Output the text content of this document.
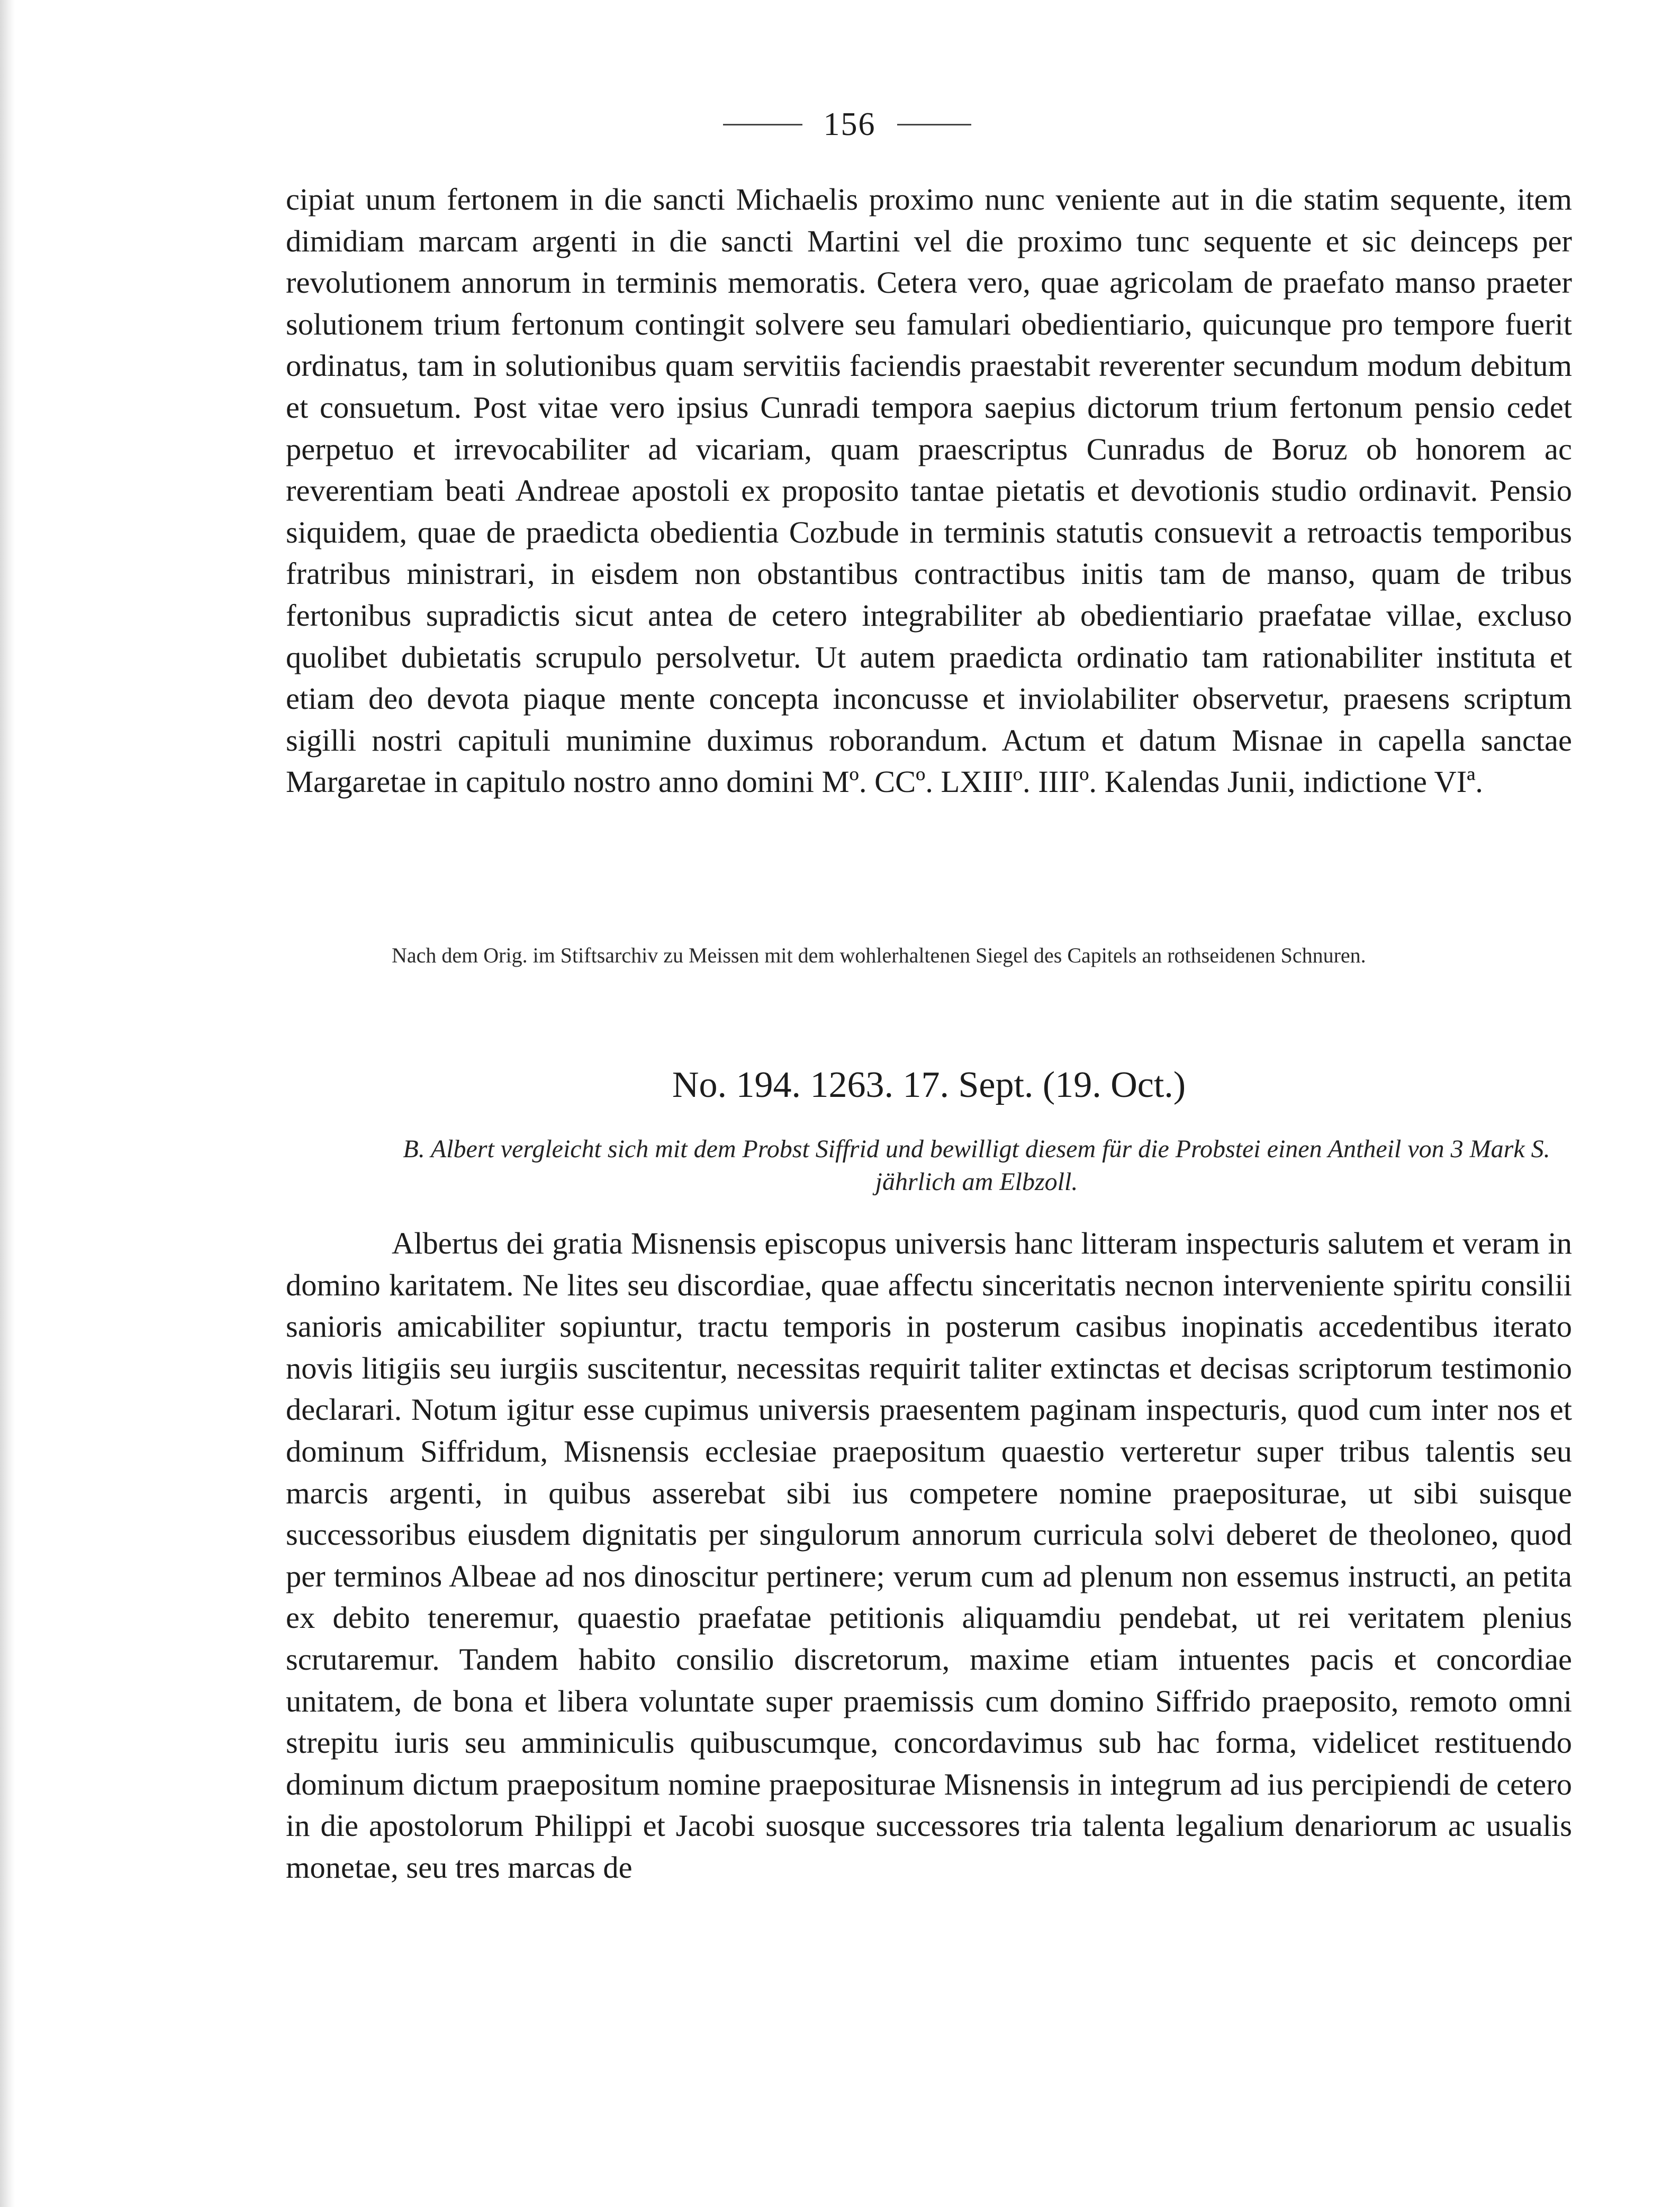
156

cipiat unum fertonem in die sancti Michaelis proximo nunc veniente aut in die statim sequente, item dimidiam marcam argenti in die sancti Martini vel die proximo tunc sequente et sic deinceps per revolutionem annorum in terminis memoratis. Cetera vero, quae agricolam de praefato manso praeter solutionem trium fertonum contingit solvere seu famulari obedientiario, quicunque pro tempore fuerit ordinatus, tam in solutionibus quam servitiis faciendis praestabit reverenter secundum modum debitum et consuetum. Post vitae vero ipsius Cunradi tempora saepius dictorum trium fertonum pensio cedet perpetuo et irrevocabiliter ad vicariam, quam praescriptus Cunradus de Boruz ob honorem ac reverentiam beati Andreae apostoli ex proposito tantae pietatis et devotionis studio ordinavit. Pensio siquidem, quae de praedicta obedientia Cozbude in terminis statutis consuevit a retroactis temporibus fratribus ministrari, in eisdem non obstantibus contractibus initis tam de manso, quam de tribus fertonibus supradictis sicut antea de cetero integrabiliter ab obedientiario praefatae villae, excluso quolibet dubietatis scrupulo persolvetur. Ut autem praedicta ordinatio tam rationabiliter instituta et etiam deo devota piaque mente concepta inconcusse et inviolabiliter observetur, praesens scriptum sigilli nostri capituli munimine duximus roborandum. Actum et datum Misnae in capella sanctae Margaretae in capitulo nostro anno domini Mº. CCº. LXIIIº. IIIIº. Kalendas Junii, indictione VIª.

Nach dem Orig. im Stiftsarchiv zu Meissen mit dem wohlerhaltenen Siegel des Capitels an rothseidenen Schnuren.
No. 194. 1263. 17. Sept. (19. Oct.)
B. Albert vergleicht sich mit dem Probst Siffrid und bewilligt diesem für die Probstei einen Antheil von 3 Mark S. jährlich am Elbzoll.

Albertus dei gratia Misnensis episcopus universis hanc litteram inspecturis salutem et veram in domino karitatem. Ne lites seu discordiae, quae affectu sinceritatis necnon interveniente spiritu consilii sanioris amicabiliter sopiuntur, tractu temporis in posterum casibus inopinatis accedentibus iterato novis litigiis seu iurgiis suscitentur, necessitas requirit taliter extinctas et decisas scriptorum testimonio declarari. Notum igitur esse cupimus universis praesentem paginam inspecturis, quod cum inter nos et dominum Siffridum, Misnensis ecclesiae praepositum quaestio verteretur super tribus talentis seu marcis argenti, in quibus asserebat sibi ius competere nomine praepositurae, ut sibi suisque successoribus eiusdem dignitatis per singulorum annorum curricula solvi deberet de theoloneo, quod per terminos Albeae ad nos dinoscitur pertinere; verum cum ad plenum non essemus instructi, an petita ex debito teneremur, quaestio praefatae petitionis aliquamdiu pendebat, ut rei veritatem plenius scrutaremur. Tandem habito consilio discretorum, maxime etiam intuentes pacis et concordiae unitatem, de bona et libera voluntate super praemissis cum domino Siffrido praeposito, remoto omni strepitu iuris seu amminiculis quibuscumque, concordavimus sub hac forma, videlicet restituendo dominum dictum praepositum nomine praepositurae Misnensis in integrum ad ius percipiendi de cetero in die apostolorum Philippi et Jacobi suosque successores tria talenta legalium denariorum ac usualis monetae, seu tres marcas de
